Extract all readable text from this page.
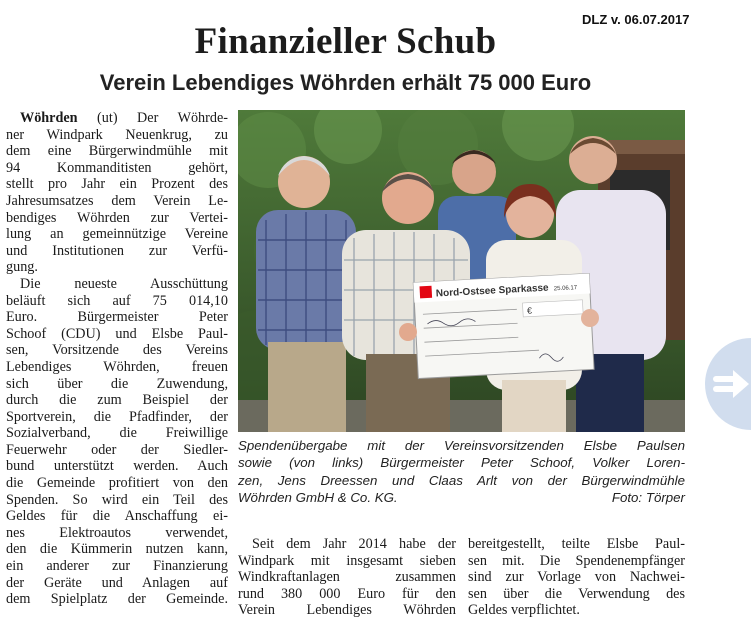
DLZ v. 06.07.2017
Finanzieller Schub
Verein Lebendiges Wöhrden erhält 75 000 Euro
Wöhrden (ut) Der Wöhrde-
ner Windpark Neuenkrug, zu
dem eine Bürgerwindmühle mit
94 Kommanditisten gehört,
stellt pro Jahr ein Prozent des
Jahresumsatzes dem Verein Le-
bendiges Wöhrden zur Vertei-
lung an gemeinnützige Vereine
und Institutionen zur Verfü-
gung.
Die neueste Ausschüttung
beläuft sich auf 75 014,10
Euro. Bürgermeister Peter
Schoof (CDU) und Elsbe Paul-
sen, Vorsitzende des Vereins
Lebendiges Wöhrden, freuen
sich über die Zuwendung,
durch die zum Beispiel der
Sportverein, die Pfadfinder, der
Sozialverband, die Freiwillige
Feuerwehr oder der Siedler-
bund unterstützt werden. Auch
die Gemeinde profitiert von den
Spenden. So wird ein Teil des
Geldes für die Anschaffung ei-
nes Elektroautos verwendet,
den die Kümmerin nutzen kann,
ein anderer zur Finanzierung
der Geräte und Anlagen auf
dem Spielplatz der Gemeinde.
Nord-Ostsee Sparkasse 25.06.17
€
Spendenübergabe mit der Vereinsvorsitzenden Elsbe Paulsen
sowie (von links) Bürgermeister Peter Schoof, Volker Loren-
zen, Jens Dreessen und Claas Arlt von der Bürgerwindmühle
Wöhrden GmbH & Co. KG.	Foto: Törper
Seit dem Jahr 2014 habe der
Windpark mit insgesamt sieben
Windkraftanlagen zusammen
rund 380 000 Euro für den
Verein Lebendiges Wöhrden
bereitgestellt, teilte Elsbe Paul-
sen mit. Die Spendenempfänger
sind zur Vorlage von Nachwei-
sen über die Verwendung des
Geldes verpflichtet.
